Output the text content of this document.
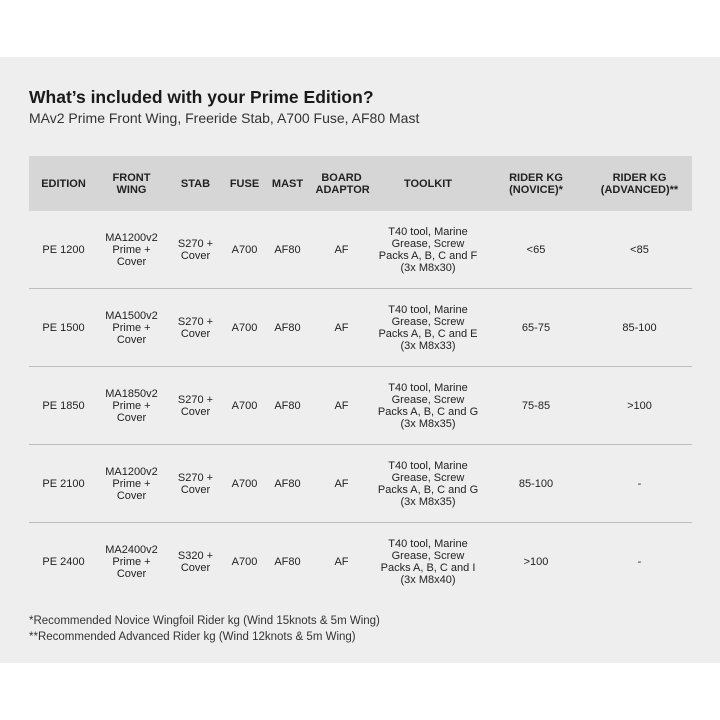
What’s included with your Prime Edition?

MAv2 Prime Front Wing, Freeride Stab, A700 Fuse, AF80 Mast

EDITION	FRONT WING	STAB	FUSE	MAST	BOARD ADAPTOR	TOOLKIT	RIDER KG (NOVICE)*	RIDER KG (ADVANCED)**

PE 1200	MA1200v2 Prime + Cover	S270 + Cover	A700	AF80	AF	T40 tool, Marine Grease, Screw Packs A, B, C and F (3x M8x30)	<65	<85
PE 1500	MA1500v2 Prime + Cover	S270 + Cover	A700	AF80	AF	T40 tool, Marine Grease, Screw Packs A, B, C and E (3x M8x33)	65-75	85-100
PE 1850	MA1850v2 Prime + Cover	S270 + Cover	A700	AF80	AF	T40 tool, Marine Grease, Screw Packs A, B, C and G (3x M8x35)	75-85	>100
PE 2100	MA1200v2 Prime + Cover	S270 + Cover	A700	AF80	AF	T40 tool, Marine Grease, Screw Packs A, B, C and G (3x M8x35)	85-100	-
PE 2400	MA2400v2 Prime + Cover	S320 + Cover	A700	AF80	AF	T40 tool, Marine Grease, Screw Packs A, B, C and I (3x M8x40)	>100	-
*Recommended Novice Wingfoil Rider kg (Wind 15knots & 5m Wing)
**Recommended Advanced Rider kg (Wind 12knots & 5m Wing)
